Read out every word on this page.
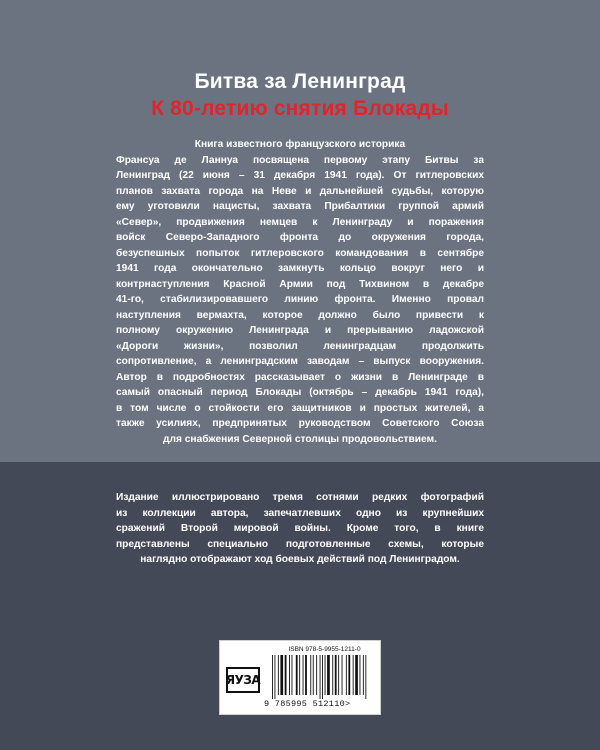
Битва за Ленинград
К 80-летию снятия Блокады
Книга известного французского историка
Франсуа де Ланнуа посвящена первому этапу Битвы за
Ленинград (22 июня – 31 декабря 1941 года). От гитлеровских
планов захвата города на Неве и дальнейшей судьбы, которую
ему уготовили нацисты, захвата Прибалтики группой армий
«Север», продвижения немцев к Ленинграду и поражения
войск Северо-Западного фронта до окружения города,
безуспешных попыток гитлеровского командования в сентябре
1941 года окончательно замкнуть кольцо вокруг него и
контрнаступления Красной Армии под Тихвином в декабре
41-го, стабилизировавшего линию фронта. Именно провал
наступления вермахта, которое должно было привести к
полному окружению Ленинграда и прерыванию ладожской
«Дороги жизни», позволил ленинградцам продолжить
сопротивление, а ленинградским заводам – выпуск вооружения.
Автор в подробностях рассказывает о жизни в Ленинграде в
самый опасный период Блокады (октябрь – декабрь 1941 года),
в том числе о стойкости его защитников и простых жителей, а
также усилиях, предпринятых руководством Советского Союза
для снабжения Северной столицы продовольствием.
Издание иллюстрировано тремя сотнями редких фотографий
из коллекции автора, запечатлевших одно из крупнейших
сражений Второй мировой войны. Кроме того, в книге
представлены специально подготовленные схемы, которые
наглядно отображают ход боевых действий под Ленинградом.
ЯУЗА
ISBN 978-5-9955-1211-0
9 785995 512110>
